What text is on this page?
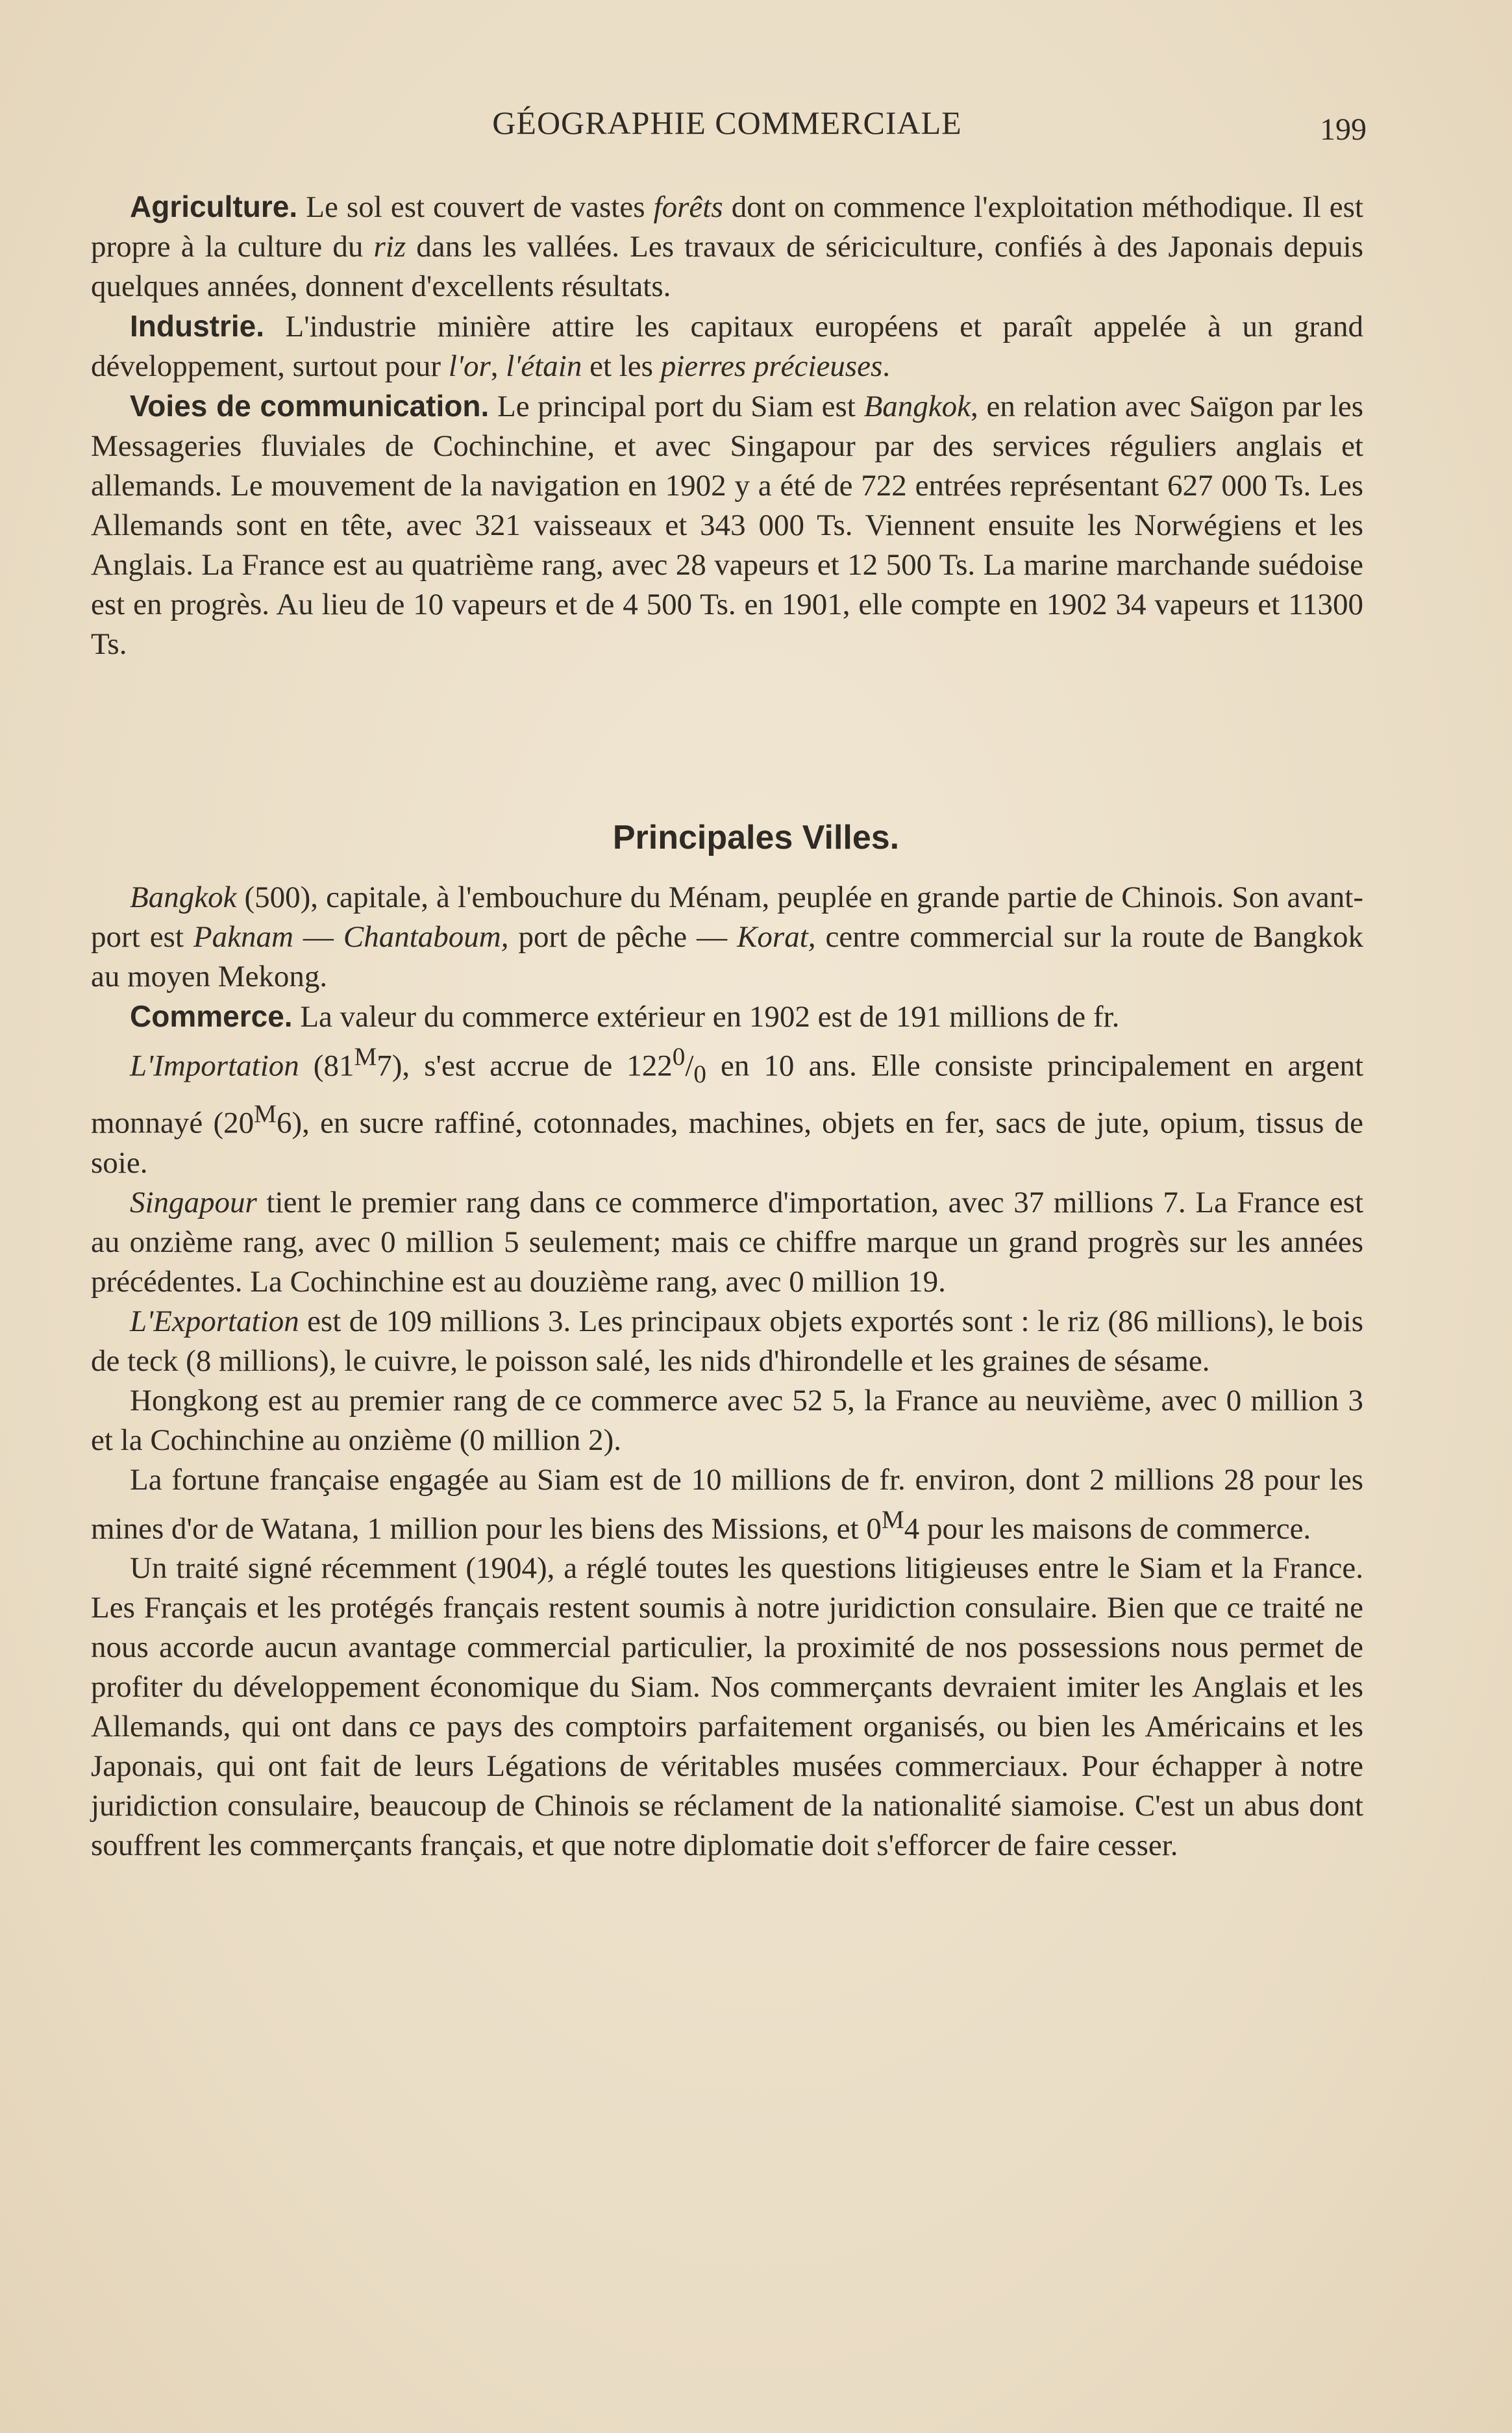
GÉOGRAPHIE COMMERCIALE	199

Agriculture. Le sol est couvert de vastes forêts dont on commence l'exploitation méthodique. Il est propre à la culture du riz dans les vallées. Les travaux de sériciculture, confiés à des Japonais depuis quelques années, donnent d'excellents résultats.

Industrie. L'industrie minière attire les capitaux européens et paraît appelée à un grand développement, surtout pour l'or, l'étain et les pierres précieuses.

Voies de communication. Le principal port du Siam est Bangkok, en relation avec Saïgon par les Messageries fluviales de Cochinchine, et avec Singapour par des services réguliers anglais et allemands. Le mouvement de la navigation en 1902 y a été de 722 entrées représentant 627 000 Ts. Les Allemands sont en tête, avec 321 vaisseaux et 343 000 Ts. Viennent ensuite les Norwégiens et les Anglais. La France est au quatrième rang, avec 28 vapeurs et 12 500 Ts. La marine marchande suédoise est en progrès. Au lieu de 10 vapeurs et de 4 500 Ts. en 1901, elle compte en 1902 34 vapeurs et 11300 Ts.

Principales Villes.

Bangkok (500), capitale, à l'embouchure du Ménam, peuplée en grande partie de Chinois. Son avant-port est Paknam — Chantaboum, port de pêche — Korat, centre commercial sur la route de Bangkok au moyen Mekong.

Commerce. La valeur du commerce extérieur en 1902 est de 191 millions de fr.

L'Importation $(81^M7)$, s'est accrue de $122^0/_0$ en 10 ans. Elle consiste principalement en argent monnayé $(20^M6)$, en sucre raffiné, cotonnades, machines, objets en fer, sacs de jute, opium, tissus de soie.

Singapour tient le premier rang dans ce commerce d'importation, avec 37 millions 7. La France est au onzième rang, avec 0 million 5 seulement; mais ce chiffre marque un grand progrès sur les années précédentes. La Cochinchine est au douzième rang, avec 0 million 19.

L'Exportation est de 109 millions 3. Les principaux objets exportés sont : le riz (86 millions), le bois de teck (8 millions), le cuivre, le poisson salé, les nids d'hirondelle et les graines de sésame.

Hongkong est au premier rang de ce commerce avec 52 5, la France au neuvième, avec 0 million 3 et la Cochinchine au onzième (0 million 2).

La fortune française engagée au Siam est de 10 millions de fr. environ, dont 2 millions 28 pour les mines d'or de Watana, 1 million pour les biens des Missions, et $0^M4$ pour les maisons de commerce.

Un traité signé récemment (1904), a réglé toutes les questions litigieuses entre le Siam et la France. Les Français et les protégés français restent soumis à notre juridiction consulaire. Bien que ce traité ne nous accorde aucun avantage commercial particulier, la proximité de nos possessions nous permet de profiter du développement économique du Siam. Nos commerçants devraient imiter les Anglais et les Allemands, qui ont dans ce pays des comptoirs parfaitement organisés, ou bien les Américains et les Japonais, qui ont fait de leurs Légations de véritables musées commerciaux. Pour échapper à notre juridiction consulaire, beaucoup de Chinois se réclament de la nationalité siamoise. C'est un abus dont souffrent les commerçants français, et que notre diplomatie doit s'efforcer de faire cesser.
